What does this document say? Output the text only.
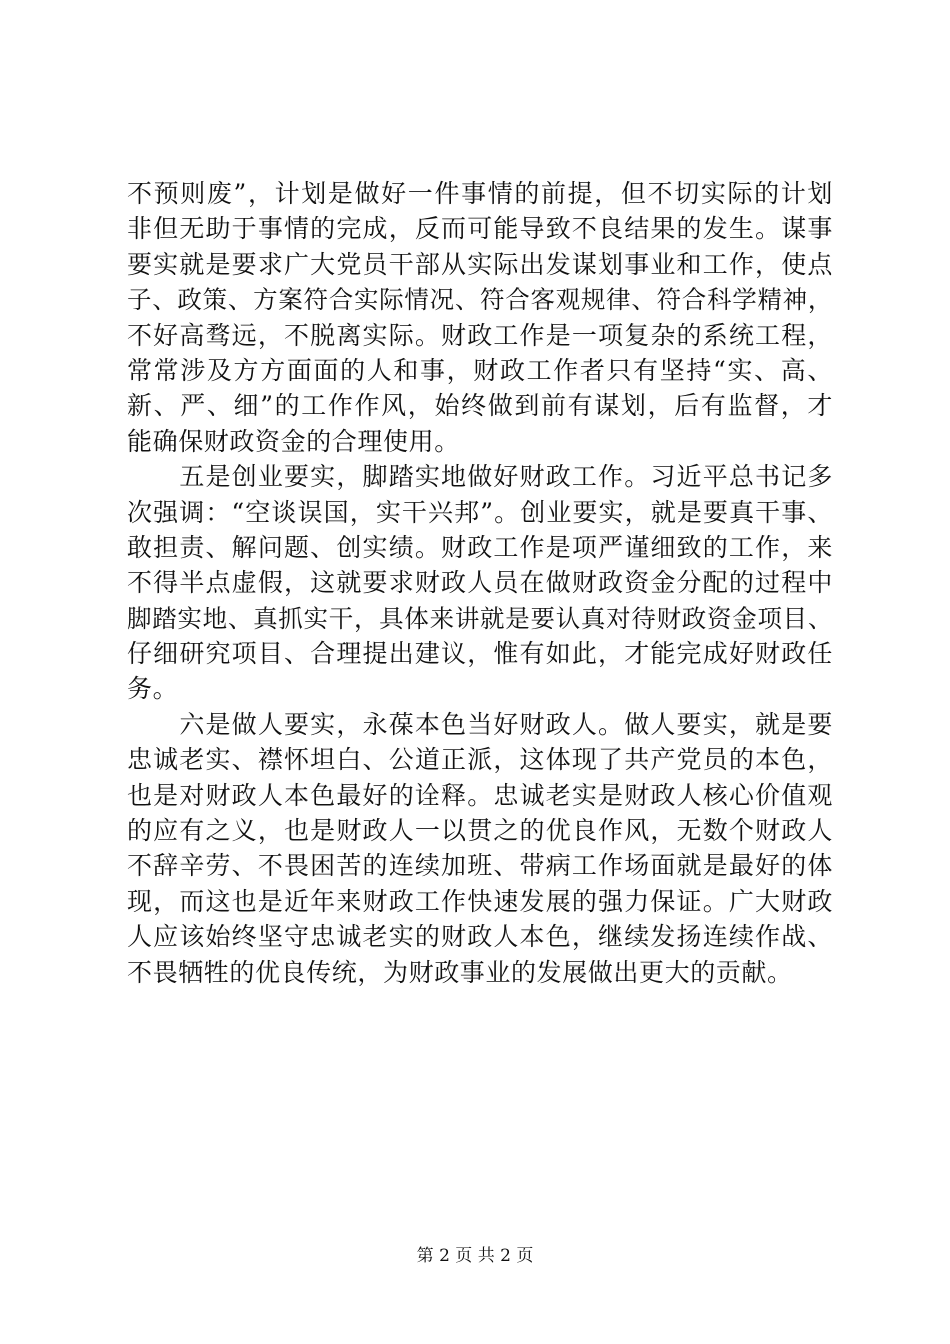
不预则废”，计划是做好一件事情的前提，但不切实际的计划
非但无助于事情的完成，反而可能导致不良结果的发生。谋事
要实就是要求广大党员干部从实际出发谋划事业和工作，使点
子、政策、方案符合实际情况、符合客观规律、符合科学精神，
不好高骛远，不脱离实际。财政工作是一项复杂的系统工程，
常常涉及方方面面的人和事，财政工作者只有坚持“实、高、
新、严、细”的工作作风，始终做到前有谋划，后有监督，才
能确保财政资金的合理使用。
　　五是创业要实，脚踏实地做好财政工作。习近平总书记多
次强调：“空谈误国，实干兴邦”。创业要实，就是要真干事、
敢担责、解问题、创实绩。财政工作是项严谨细致的工作，来
不得半点虚假，这就要求财政人员在做财政资金分配的过程中
脚踏实地、真抓实干，具体来讲就是要认真对待财政资金项目、
仔细研究项目、合理提出建议，惟有如此，才能完成好财政任
务。
　　六是做人要实，永葆本色当好财政人。做人要实，就是要
忠诚老实、襟怀坦白、公道正派，这体现了共产党员的本色，
也是对财政人本色最好的诠释。忠诚老实是财政人核心价值观
的应有之义，也是财政人一以贯之的优良作风，无数个财政人
不辞辛劳、不畏困苦的连续加班、带病工作场面就是最好的体
现，而这也是近年来财政工作快速发展的强力保证。广大财政
人应该始终坚守忠诚老实的财政人本色，继续发扬连续作战、
不畏牺牲的优良传统，为财政事业的发展做出更大的贡献。
第 2 页 共 2 页
